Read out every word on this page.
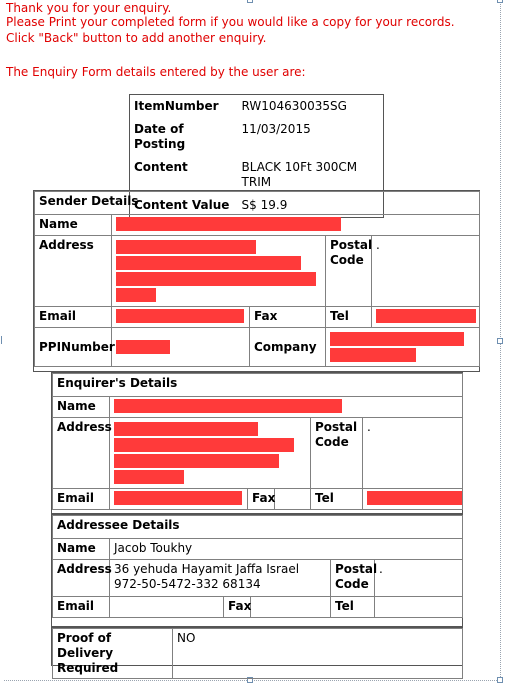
Thank you for your enquiry.
Please Print your completed form if you would like a copy for your records.
Click "Back" button to add another enquiry.
The Enquiry Form details entered by the user are:
ItemNumber	RW104630035SG
Date of Posting	11/03/2015
Content	BLACK 10Ft 300CM TRIM
Content Value	S$ 19.9
Sender Details				
Name				

Address			Postal Code	.
Email		Fax	Tel	

PPINumber		Company		
Enquirer's Details					
Name					

Address				Postal Code	.
Email		Fax		Tel	
Addressee Details					
Name	Jacob Toukhy				
Address	36 yehuda Hayamit Jaffa Israel 972-50-5472-332 68134			Postal Code	.
Email		Fax		Tel	
Proof of Delivery Required	NO
